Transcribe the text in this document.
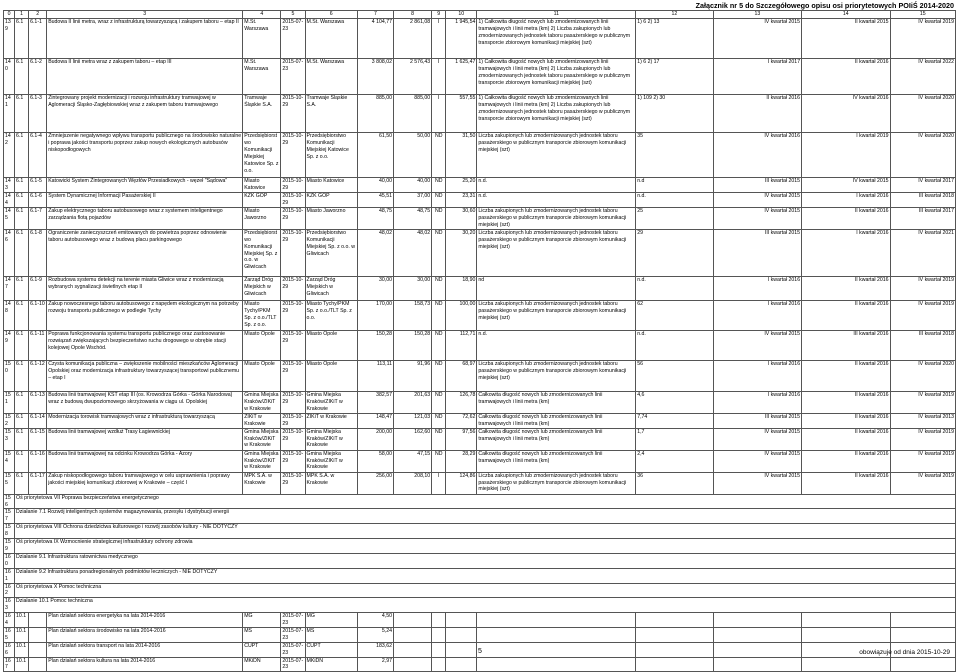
Załącznik nr 5 do Szczegółowego opisu osi priorytetowych POIiŚ 2014-2020
0	1	2	3	4	5	6	7	8	9	10	11	12	13	14	15
139	6.1	6.1-1	Budowa II linii metra, wraz z infrastrukturą towarzyszącą i zakupem taboru – etap II	M.St. Warszawa	2015-07-23	M.St. Warszawa	4 104,77	2 861,08	I	1 945,54	1) Całkowita długość nowych lub zmodernizowanych linii tramwajowych i linii metra (km) 2) Liczba zakupionych lub zmodernizowanych jednostek taboru pasażerskiego w publicznym transporcie zbiorowym komunikacji miejskiej (szt)	1) 6 2) 13	IV kwartał 2015	II kwartał 2015	IV kwartał 2019
140	6.1	6.1-2	Budowa II linii metra wraz z zakupem taboru – etap III	M.St. Warszawa	2015-07-23	M.St. Warszawa	3 808,02	2 576,43	I	1 625,47	1) Całkowita długość nowych lub zmodernizowanych linii tramwajowych i linii metra (km) 2) Liczba zakupionych lub zmodernizowanych jednostek taboru pasażerskiego w publicznym transporcie zbiorowym komunikacji miejskiej (szt)	1) 6 2) 17	I kwartał 2017	II kwartał 2016	IV kwartał 2022
141	6.1	6.1-3	Zintegrowany projekt modernizacji i rozwoju infrastruktury tramwajowej w Aglomeracji Śląsko-Zagłębiowskiej wraz z zakupem taboru tramwajowego	Tramwaje Śląskie S.A.	2015-10-29	Tramwaje Śląskie S.A.	885,00	885,00	I	557,55	1) Całkowita długość nowych lub zmodernizowanych linii tramwajowych i linii metra (km) 2) Liczba zakupionych lub zmodernizowanych jednostek taboru pasażerskiego w publicznym transporcie zbiorowym komunikacji miejskiej (szt)	1) 109 2) 30	II kwartał 2016	IV kwartał 2016	IV kwartał 2020
142	6.1	6.1-4	Zmniejszenie negatywnego wpływu transportu publicznego na środowisko naturalne i poprawa jakości transportu poprzez zakup nowych ekologicznych autobusów niskopodłogowych	Przedsiębiorstwo Komunikacji Miejskiej Katowice Sp. z o.o.	2015-10-29	Przedsiębiorstwo Komunikacji Miejskiej Katowice Sp. z o.o.	61,50	50,00	ND	31,50	Liczba zakupionych lub zmodernizowanych jednostek taboru pasażerskiego w publicznym transporcie zbiorowym komunikacji miejskiej (szt)	35	IV kwartał 2016	I kwartał 2019	IV kwartał 2020
143	6.1	6.1-5	Katowicki System Zintegrowanych Węzłów Przesiadkowych - węzeł "Sądowa"	Miasto Katowice	2015-10-29	Miasto Katowice	40,00	40,00	ND	25,20	n.d.	n.d	III kwartał 2015	IV kwartał 2015	IV kwartał 2017
144	6.1	6.1-6	System Dynamicznej Informacji Pasażerskiej II	KZK GOP	2015-10-29	KZK GOP	45,51	37,00	ND	23,31	n.d.	n.d.	IV kwartał 2015	I kwartał 2016	III kwartał 2018
145	6.1	6.1-7	Zakup elektrycznego taboru autobusowego wraz z systemem inteligentnego zarządzania flotą pojazdów	Miasto Jaworzno	2015-10-29	Miasto Jaworzno	48,75	48,75	ND	30,60	Liczba zakupionych lub zmodernizowanych jednostek taboru pasażerskiego w publicznym transporcie zbiorowym komunikacji miejskiej (szt)	25	IV kwartał 2015	II kwartał 2016	III kwartał 2017
146	6.1	6.1-8	Ograniczenie zanieczyszczeń emitowanych do powietrza poprzez odnowienie taboru autobusowego wraz z budową placu parkingowego	Przedsiębiorstwo Komunikacji Miejskiej Sp. z o.o. w Gliwicach	2015-10-29	Przedsiębiorstwo Komunikacji Miejskiej Sp. z o.o. w Gliwicach	48,02	48,02	ND	30,20	Liczba zakupionych lub zmodernizowanych jednostek taboru pasażerskiego w publicznym transporcie zbiorowym komunikacji miejskiej (szt)	29	III kwartał 2015	I kwartał 2016	IV kwartał 2021
147	6.1	6.1-9	Rozbudowa systemu detekcji na terenie miasta Gliwice wraz z modernizacją wybranych sygnalizacji świetlnych etap II	Zarząd Dróg Miejskich w Gliwicach	2015-10-29	Zarząd Dróg Miejskich w Gliwicach	30,00	30,00	ND	18,90	nd	n.d.	I kwartał 2016	II kwartał 2016	IV kwartał 2019
148	6.1	6.1-10	Zakup nowoczesnego taboru autobusowego z napędem ekologicznym na potrzeby rozwoju transportu publicznego w podległe Tychy	Miasto Tychy/PKM Sp. z o.o./TLT Sp. z o.o.	2015-10-29	Miasto Tychy/PKM Sp. z o.o./TLT Sp. z o.o.	170,00	158,73	ND	100,00	Liczba zakupionych lub zmodernizowanych jednostek taboru pasażerskiego w publicznym transporcie zbiorowym komunikacji miejskiej (szt)	62	I kwartał 2016	II kwartał 2016	IV kwartał 2019
149	6.1	6.1-11	Poprawa funkcjonowania systemu transportu publicznego oraz zastosowanie rozwiązań zwiększających bezpieczeństwo ruchu drogowego w obrębie stacji kolejowej Opole Wschód.	Miasto Opole	2015-10-29	Miasto Opole	150,28	150,28	ND	112,71	n.d.	n.d.	IV kwartał 2015	III kwartał 2016	III kwartał 2018
150	6.1	6.1-12	Czysta komunikacja publiczna – zwiększenie mobilności mieszkańców Aglomeracji Opolskiej oraz modernizacja infrastruktury towarzyszącej transportowi publicznemu – etap I	Miasto Opole	2015-10-29	Miasto Opole	113,11	91,96	ND	68,97	Liczba zakupionych lub zmodernizowanych jednostek taboru pasażerskiego w publicznym transporcie zbiorowym komunikacji miejskiej (szt)	56	I kwartał 2016	II kwartał 2016	IV kwartał 2020
151	6.1	6.1-13	Budowa linii tramwajowej KST etap III (os. Krowodrza Górka - Górka Narodowa) wraz z budową dwupoziomowego skrzyżowania w ciągu ul. Opolskiej	Gmina Miejska Kraków/ZIKiT w Krakowie	2015-10-29	Gmina Miejska Kraków/ZIKiT w Krakowie	382,57	201,63	ND	126,78	Całkowita długość nowych lub zmodernizowanych linii tramwajowych i linii metra (km)	4,6	I kwartał 2016	II kwartał 2016	IV kwartał 2019
152	6.1	6.1-14	Modernizacja torowisk tramwajowych wraz z infrastrukturą towarzyszącą	ZIKiT w Krakowie	2015-10-29	ZIKiT w Krakowie	148,47	121,03	ND	72,62	Całkowita długość nowych lub zmodernizowanych linii tramwajowych i linii metra (km)	7,74	III kwartał 2015	II kwartał 2016	IV kwartał 2013
153	6.1	6.1-15	Budowa linii tramwajowej wzdłuż Trasy Łagiewnickiej	Gmina Miejska Kraków/ZIKiT w Krakowie	2015-10-29	Gmina Miejska Kraków/ZIKiT w Krakowie	200,00	162,60	ND	97,56	Całkowita długość nowych lub zmodernizowanych linii tramwajowych i linii metra (km)	1,7	IV kwartał 2015	II kwartał 2016	IV kwartał 2019
154	6.1	6.1-16	Budowa linii tramwajowej na odcinku Krowodrza Górka - Azory	Gmina Miejska Kraków/ZIKiT w Krakowie	2015-10-29	Gmina Miejska Kraków/ZIKiT w Krakowie	58,00	47,15	ND	28,29	Całkowita długość nowych lub zmodernizowanych linii tramwajowych i linii metra (km)	2,4	IV kwartał 2015	II kwartał 2016	IV kwartał 2019
155	6.1	6.1-17	Zakup niskopodłogowego taboru tramwajowego w celu usprawnienia i poprawy jakości miejskiej komunikacji zbiorowej w Krakowie – część I	MPK S.A. w Krakowie	2015-10-29	MPK S.A. w Krakowie	256,00	208,10	I	124,86	Liczba zakupionych lub zmodernizowanych jednostek taboru pasażerskiego w publicznym transporcie zbiorowym komunikacji miejskiej (szt)	36	IV kwartał 2015	II kwartał 2016	IV kwartał 2019
156	Oś priorytetowa VII Poprawa bezpieczeństwa energetycznego														
157	Działanie 7.1 Rozwój inteligentnych systemów magazynowania, przesyłu i dystrybucji energii														
158	Oś priorytetowa VIII Ochrona dziedzictwa kulturowego i rozwój zasobów kultury - NIE DOTYCZY														
159	Oś priorytetowa IX Wzmocnienie strategicznej infrastruktury ochrony zdrowia														
160	Działanie 9.1 Infrastruktura ratownictwa medycznego														
161	Działanie 9.2 Infrastruktura ponadregionalnych podmiotów leczniczych - NIE DOTYCZY														
162	Oś priorytetowa X Pomoc techniczna														
163	Działanie 10.1 Pomoc techniczna														
164	10.1		Plan działań sektora energetyka na lata 2014-2016	MG	2015-07-23	MG	4,50								
165	10.1		Plan działań sektora środowisko na lata 2014-2016	MŚ	2015-07-23	MŚ	5,24								
166	10.1		Plan działań sektora transport na lata 2014-2016	CUPT	2015-07-23	CUPT	183,62								
167	10.1		Plan działań sektora kultura na lata 2014-2016	MKiDN	2015-07-23	MKiDN	2,97								
5	obowiązuje od dnia 2015-10-29
